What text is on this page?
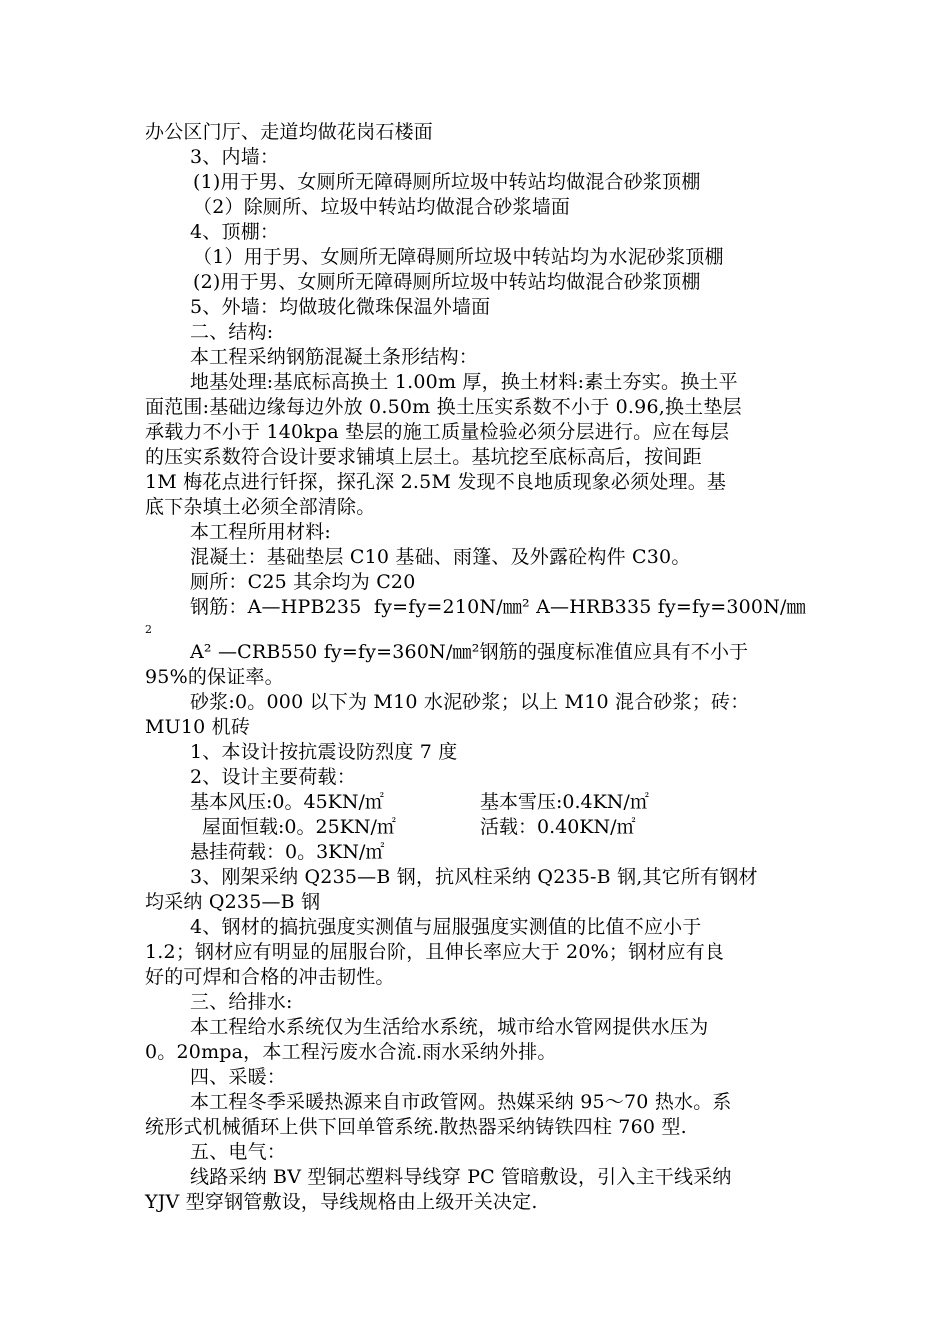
办公区门厅、走道均做花岗石楼面
3、内墙：
(1)用于男、女厕所无障碍厕所垃圾中转站均做混合砂浆顶棚
（2）除厕所、垃圾中转站均做混合砂浆墙面
4、顶棚：
（1）用于男、女厕所无障碍厕所垃圾中转站均为水泥砂浆顶棚
(2)用于男、女厕所无障碍厕所垃圾中转站均做混合砂浆顶棚
5、外墙：均做玻化微珠保温外墙面
二、结构:
本工程采纳钢筋混凝土条形结构：
地基处理:基底标高换土 1.00m 厚，换土材料:素土夯实。换土平
面范围:基础边缘每边外放 0.50m 换土压实系数不小于 0.96,换土垫层
承载力不小于 140kpa 垫层的施工质量检验必须分层进行。应在每层
的压实系数符合设计要求铺填上层土。基坑挖至底标高后，按间距
1M 梅花点进行钎探，探孔深 2.5M 发现不良地质现象必须处理。基
底下杂填土必须全部清除。
本工程所用材料:
混凝土：基础垫层 C10 基础、雨篷、及外露砼构件 C30。
厕所：C25 其余均为 C20
钢筋：A—HPB235  fy=fy=210N/㎜² A—HRB335 fy=fy=300N/㎜
2
A² —CRB550 fy=fy=360N/㎜²钢筋的强度标准值应具有不小于
95%的保证率。
砂浆:0。000 以下为 M10 水泥砂浆；以上 M10 混合砂浆；砖：
MU10 机砖
1、本设计按抗震设防烈度 7 度
2、设计主要荷载：

基本风压:0。45KN/㎡

	基本雪压:0.4KN/㎡

屋面恒载:0。25KN/㎡

	活载：0.40KN/㎡

悬挂荷载：0。3KN/㎡

3、刚架采纳 Q235—B 钢，抗风柱采纳 Q235-B 钢,其它所有钢材
均采纳 Q235—B 钢
4、钢材的搞抗强度实测值与屈服强度实测值的比值不应小于
1.2；钢材应有明显的屈服台阶，且伸长率应大于 20%；钢材应有良
好的可焊和合格的冲击韧性。
三、给排水:
本工程给水系统仅为生活给水系统，城市给水管网提供水压为
0。20mpa，本工程污废水合流.雨水采纳外排。
四、采暖：
本工程冬季采暖热源来自市政管网。热媒采纳 95～70 热水。系
统形式机械循环上供下回单管系统.散热器采纳铸铁四柱 760 型.
五、电气：
线路采纳 BV 型铜芯塑料导线穿 PC 管暗敷设，引入主干线采纳
YJV 型穿钢管敷设，导线规格由上级开关决定.
